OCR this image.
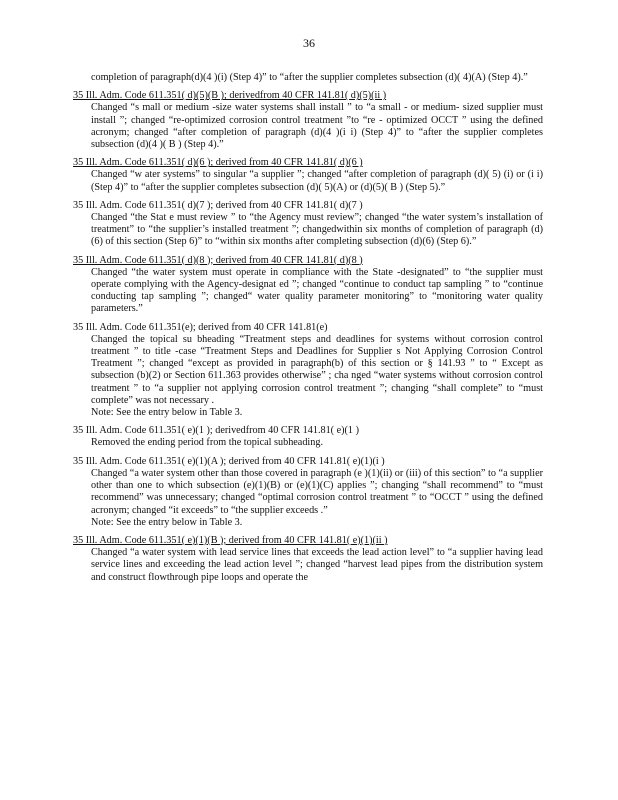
36

completion of paragraph(d)(4 )(i) (Step 4)” to “after the supplier completes subsection (d)( 4)(A) (Step 4).”

35 Ill. Adm. Code 611.351( d)(5)(B ); derivedfrom 40 CFR 141.81( d)(5)(ii )

Changed “s mall or medium -size water systems shall install ” to “a small - or medium- sized supplier must install ”; changed “re-optimized corrosion control treatment ”to “re - optimized OCCT ” using the defined acronym; changed “after completion of paragraph (d)(4 )(i i) (Step 4)” to “after the supplier completes subsection (d)(4 )( B ) (Step 4).”

35 Ill. Adm. Code 611.351( d)(6 ); derived from 40 CFR 141.81( d)(6 )

Changed “w ater systems” to singular “a supplier ”; changed “after completion of paragraph (d)( 5) (i) or (i i) (Step 4)” to “after the supplier completes subsection (d)( 5)(A) or (d)(5)( B ) (Step 5).”

35 Ill. Adm. Code 611.351( d)(7 ); derived from 40 CFR 141.81( d)(7 )

Changed “the Stat e must review ” to “the Agency must review”; changed “the water system’s installation of treatment” to “the supplier’s installed treatment ”; changedwithin six months of completion of paragraph (d)(6) of this section (Step 6)” to “within six months after completing subsection (d)(6) (Step 6).”

35 Ill. Adm. Code 611.351( d)(8 ); derived from 40 CFR 141.81( d)(8 )

Changed “the water system must operate in compliance with the State -designated” to “the supplier must operate complying with the Agency-designat ed ”; changed “continue to conduct tap sampling ” to “continue conducting tap sampling ”; changed“ water quality parameter monitoring” to “monitoring water quality parameters.”

35 Ill. Adm. Code 611.351(e); derived from 40 CFR 141.81(e)

Changed the topical su bheading “Treatment steps and deadlines for systems without corrosion control treatment ” to title -case “Treatment Steps and Deadlines for Supplier s Not Applying Corrosion Control Treatment ”; changed “except as provided in paragraph(b) of this section or § 141.93 ” to “ Except as subsection (b)(2) or Section 611.363 provides otherwise” ; cha nged “water systems without corrosion control treatment ” to “a supplier not applying corrosion control treatment ”; changing “shall complete” to “must complete” was not necessary .

Note: See the entry below in Table 3.

35 Ill. Adm. Code 611.351( e)(1 ); derivedfrom 40 CFR 141.81( e)(1 )

Removed the ending period from the topical subheading.

35 Ill. Adm. Code 611.351( e)(1)(A ); derived from 40 CFR 141.81( e)(1)(i )

Changed “a water system other than those covered in paragraph (e )(1)(ii) or (iii) of this section” to “a supplier other than one to which subsection (e)(1)(B) or (e)(1)(C) applies ”; changing “shall recommend” to “must recommend” was unnecessary; changed “optimal corrosion control treatment ” to “OCCT ” using the defined acronym; changed “it exceeds” to “the supplier exceeds .”

Note: See the entry below in Table 3.

35 Ill. Adm. Code 611.351( e)(1)(B ); derived from 40 CFR 141.81( e)(1)(ii )

Changed “a water system with lead service lines that exceeds the lead action level” to “a supplier having lead service lines and exceeding the lead action level ”; changed “harvest lead pipes from the distribution system and construct flowthrough pipe loops and operate the
